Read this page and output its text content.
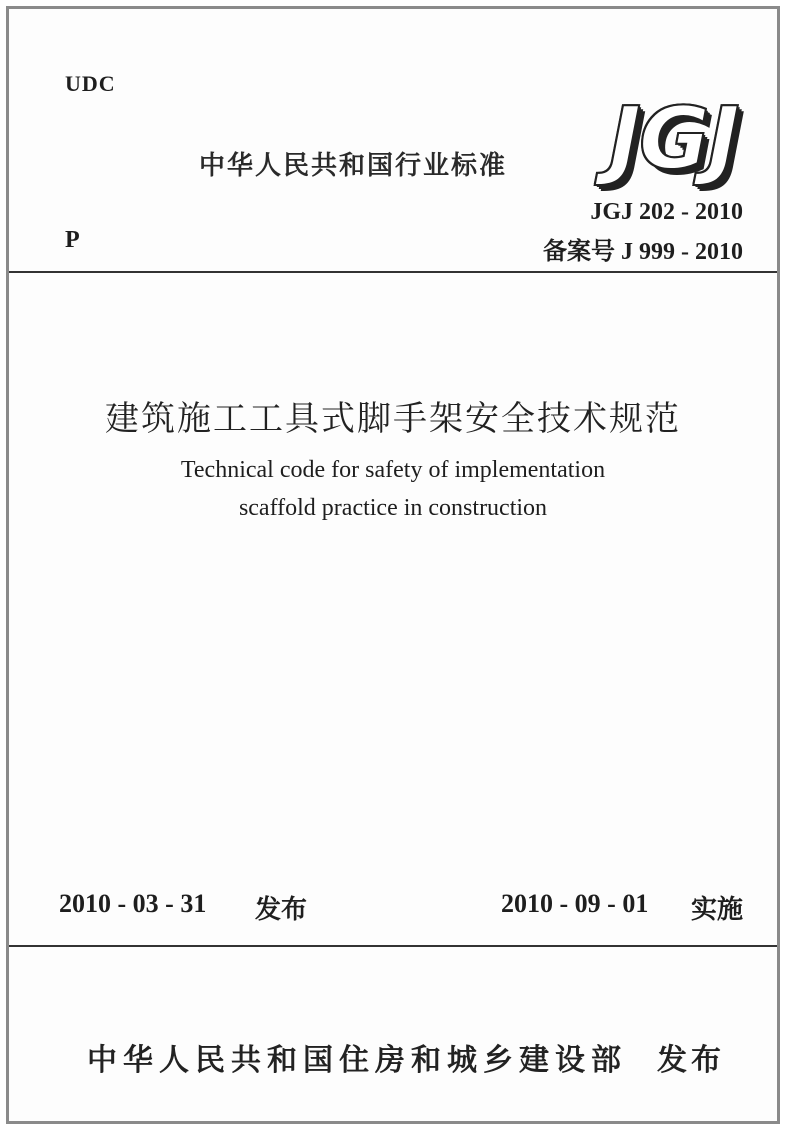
UDC
中华人民共和国行业标准 JGJ
P
JGJ 202 - 2010
备案号 J 999 - 2010
建筑施工工具式脚手架安全技术规范
Technical code for safety of implementation
scaffold practice in construction
2010 - 03 - 31 发布	2010 - 09 - 01 实施
中华人民共和国住房和城乡建设部 发布
